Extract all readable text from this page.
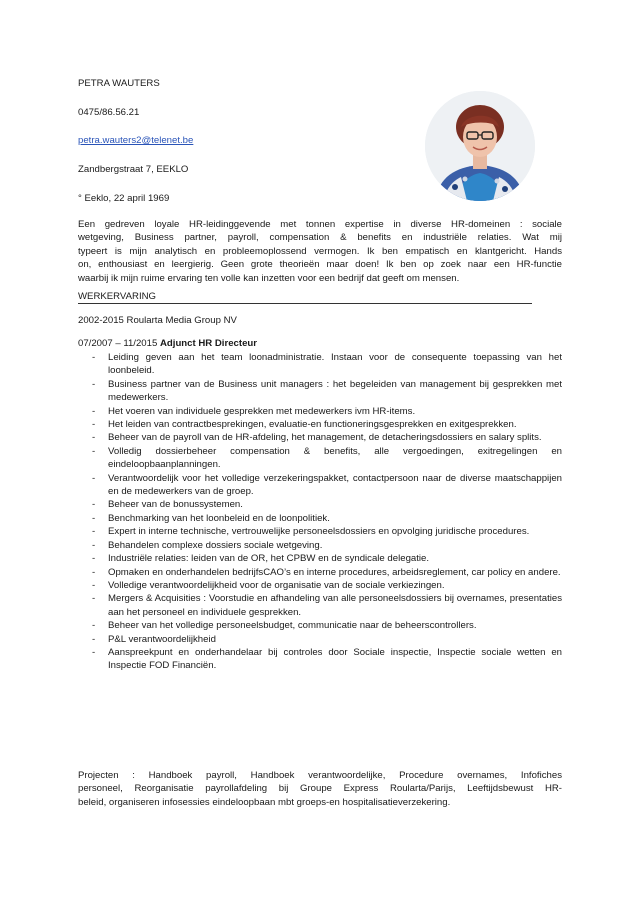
PETRA WAUTERS
0475/86.56.21
petra.wauters2@telenet.be
Zandbergstraat 7, EEKLO
° Eeklo, 22 april 1969
Een gedreven loyale HR-leidinggevende met tonnen expertise in diverse HR-domeinen : sociale
wetgeving, Business partner, payroll, compensation & benefits en industriële relaties. Wat mij
typeert is mijn analytisch en probleemoplossend vermogen. Ik ben empatisch en klantgericht. Hands
on, enthousiast en leergierig. Geen grote theorieën maar doen! Ik ben op zoek naar een HR-functie
waarbij ik mijn ruime ervaring ten volle kan inzetten voor een bedrijf dat geeft om mensen.
WERKERVARING
2002-2015 Roularta Media Group NV
07/2007 – 11/2015 Adjunct HR Directeur
- Leiding geven aan het team loonadministratie. Instaan voor de consequente toepassing van het loonbeleid.
- Business partner van de Business unit managers : het begeleiden van management bij gesprekken met medewerkers.
- Het voeren van individuele gesprekken met medewerkers ivm HR-items.
- Het leiden van contractbesprekingen, evaluatie-en functioneringsgesprekken en exitgesprekken.
- Beheer van de payroll van de HR-afdeling, het management, de detacheringsdossiers en salary splits.
- Volledig dossierbeheer compensation & benefits, alle vergoedingen, exitregelingen en eindeloopbaanplanningen.
- Verantwoordelijk voor het volledige verzekeringspakket, contactpersoon naar de diverse maatschappijen en de medewerkers van de groep.
- Beheer van de bonussystemen.
- Benchmarking van het loonbeleid en de loonpolitiek.
- Expert in interne technische, vertrouwelijke personeelsdossiers en opvolging juridische procedures.
- Behandelen complexe dossiers sociale wetgeving.
- Industriële relaties: leiden van de OR, het CPBW en de syndicale delegatie.
- Opmaken en onderhandelen bedrijfsCAO’s en interne procedures, arbeidsreglement, car policy en andere.
- Volledige verantwoordelijkheid voor de organisatie van de sociale verkiezingen.
- Mergers & Acquisities : Voorstudie en afhandeling van alle personeelsdossiers bij overnames, presentaties aan het personeel en individuele gesprekken.
- Beheer van het volledige personeelsbudget, communicatie naar de beheerscontrollers.
- P&L verantwoordelijkheid
- Aanspreekpunt en onderhandelaar bij controles door Sociale inspectie, Inspectie sociale wetten en Inspectie FOD Financiën.
Projecten : Handboek payroll, Handboek verantwoordelijke, Procedure overnames, Infofiches
personeel, Reorganisatie payrollafdeling bij Groupe Express Roularta/Parijs, Leeftijdsbewust HR-
beleid, organiseren infosessies eindeloopbaan mbt groeps-en hospitalisatieverzekering.
